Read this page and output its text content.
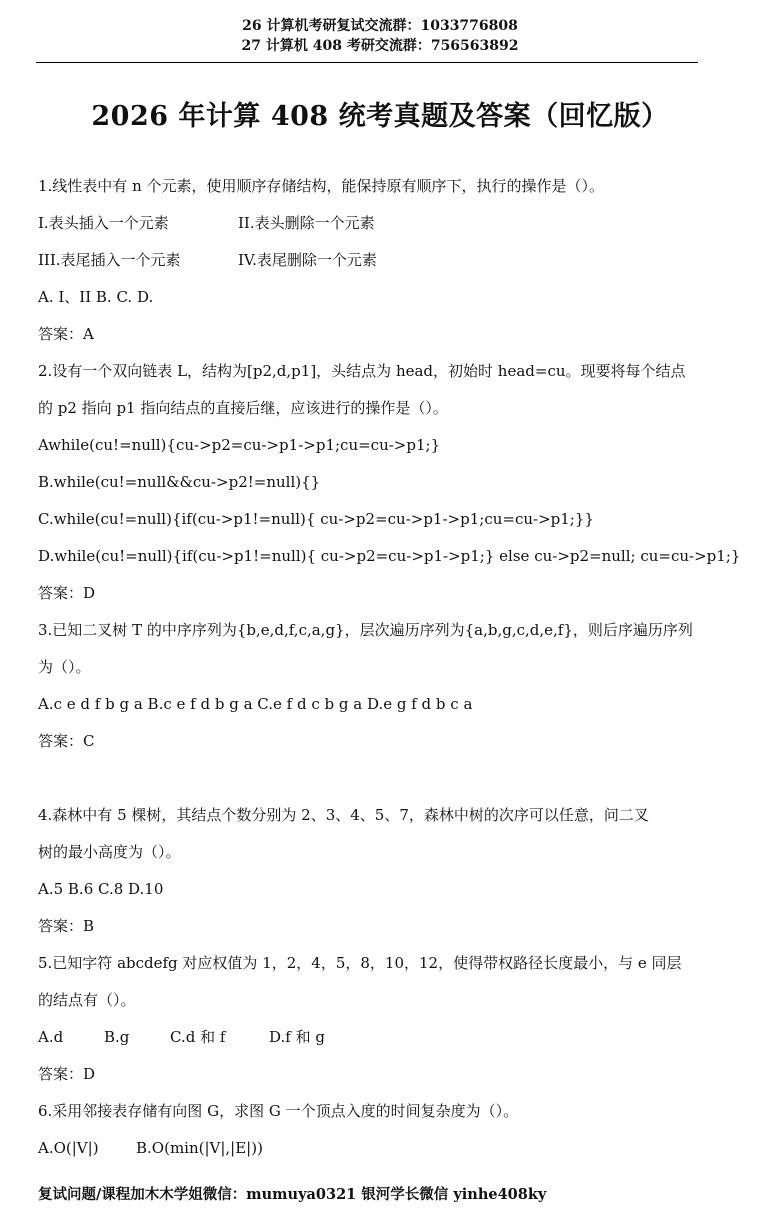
26 计算机考研复试交流群：1033776808
27 计算机 408 考研交流群：756563892
2026 年计算 408 统考真题及答案（回忆版）
1.线性表中有 n 个元素，使用顺序存储结构，能保持原有顺序下，执行的操作是（）。
I.表头插入一个元素	II.表头删除一个元素
III.表尾插入一个元素	IV.表尾删除一个元素
A. I、II B. C. D.
答案：A
2.设有一个双向链表 L，结构为[p2,d,p1]，头结点为 head，初始时 head=cu。现要将每个结点
的 p2 指向 p1 指向结点的直接后继，应该进行的操作是（）。
Awhile(cu!=null){cu->p2=cu->p1->p1;cu=cu->p1;}
B.while(cu!=null&&cu->p2!=null){}
C.while(cu!=null){if(cu->p1!=null){ cu->p2=cu->p1->p1;cu=cu->p1;}}
D.while(cu!=null){if(cu->p1!=null){ cu->p2=cu->p1->p1;} else cu->p2=null; cu=cu->p1;}
答案：D
3.已知二叉树 T 的中序序列为{b,e,d,f,c,a,g}，层次遍历序列为{a,b,g,c,d,e,f}，则后序遍历序列
为（）。
A.c e d f b g a B.c e f d b g a C.e f d c b g a D.e g f d b c a
答案：C
4.森林中有 5 棵树，其结点个数分别为 2、3、4、5、7，森林中树的次序可以任意，问二叉
树的最小高度为（）。
A.5 B.6 C.8 D.10
答案：B
5.已知字符 abcdefg 对应权值为 1，2，4，5，8，10，12，使得带权路径长度最小，与 e 同层
的结点有（）。
A.d	B.g	C.d 和 f	D.f 和 g
答案：D
6.采用邻接表存储有向图 G，求图 G 一个顶点入度的时间复杂度为（）。
A.O(|V|) B.O(min(|V|,|E|))
复试问题/课程加木木学姐微信：mumuya0321 银河学长微信 yinhe408ky
